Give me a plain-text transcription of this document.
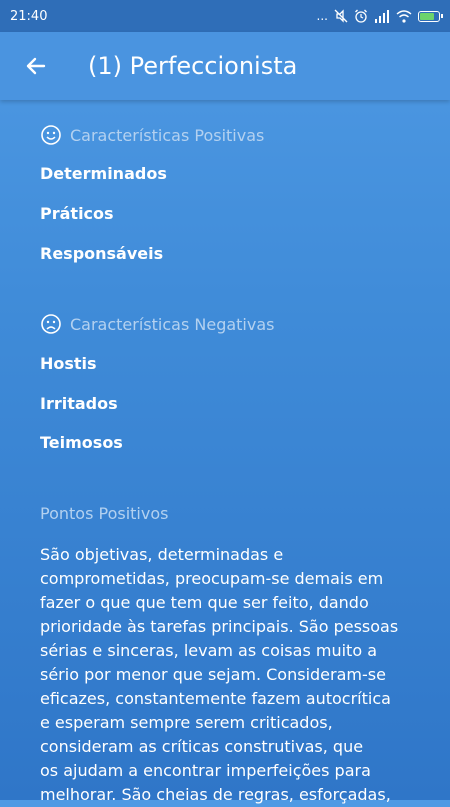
21:40	...
(1) Perfeccionista
Características Positivas
Determinados
Práticos
Responsáveis
Características Negativas
Hostis
Irritados
Teimosos
Pontos Positivos
São objetivas, determinadas e
comprometidas, preocupam-se demais em
fazer o que que tem que ser feito, dando
prioridade às tarefas principais. São pessoas
sérias e sinceras, levam as coisas muito a
sério por menor que sejam. Consideram-se
eficazes, constantemente fazem autocrítica
e esperam sempre serem criticados,
consideram as críticas construtivas, que
os ajudam a encontrar imperfeições para
melhorar. São cheias de regras, esforçadas,
